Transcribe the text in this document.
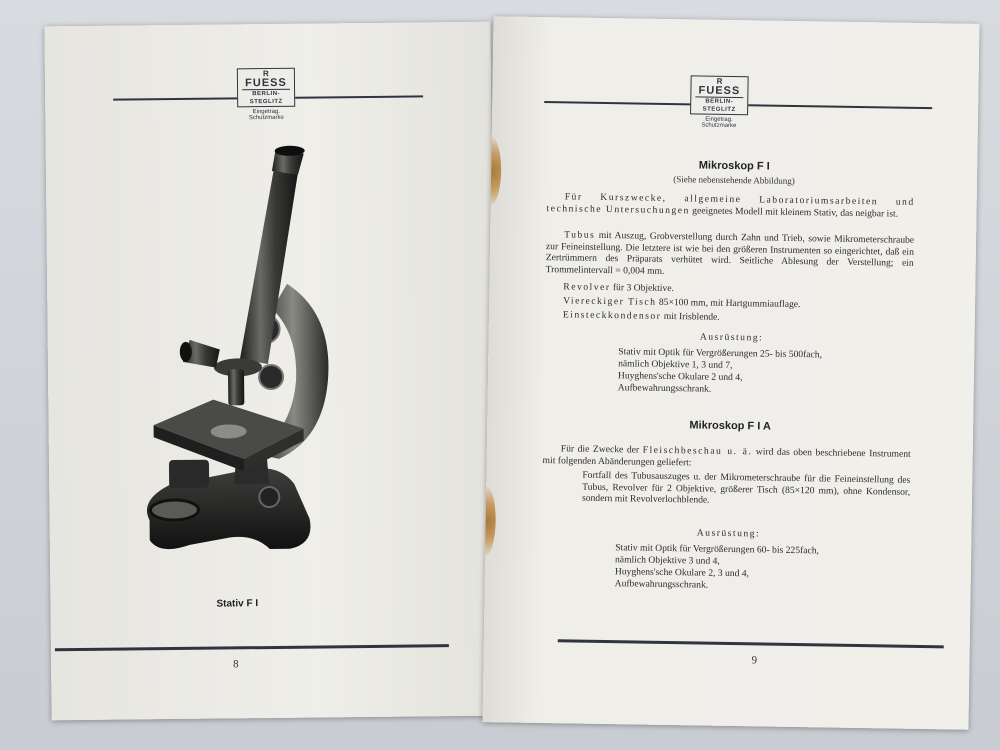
R
FUESS
BERLIN-STEGLITZ
Eingetrag. Schutzmarke
Stativ F I
8
R
FUESS
BERLIN-STEGLITZ
Eingetrag. Schutzmarke
Mikroskop F I
(Siehe nebenstehende Abbildung)
Für Kurszwecke, allgemeine Laboratoriumsarbeiten und technische Untersuchungen geeignetes Modell mit kleinem Stativ, das neigbar ist.
Tubus mit Auszug, Grobverstellung durch Zahn und Trieb, sowie Mikrometerschraube zur Feineinstellung. Die letztere ist wie bei den größeren Instrumenten so eingerichtet, daß ein Zertrümmern des Präparats verhütet wird. Seitliche Ablesung der Verstellung; ein Trommelintervall = 0,004 mm.
Revolver für 3 Objektive.
Viereckiger Tisch 85×100 mm, mit Hartgummiauflage.
Einsteckkondensor mit Irisblende.
Ausrüstung:
Stativ mit Optik für Vergrößerungen 25- bis 500fach,
nämlich Objektive 1, 3 und 7,
Huyghens'sche Okulare 2 und 4,
Aufbewahrungsschrank.
Mikroskop F I A
Für die Zwecke der Fleischbeschau u. ä. wird das oben beschriebene Instrument mit folgenden Abänderungen geliefert:
Fortfall des Tubusauszuges u. der Mikrometerschraube für die Feineinstellung des Tubus, Revolver für 2 Objektive, größerer Tisch (85×120 mm), ohne Kondensor, sondern mit Revolverlochblende.
Ausrüstung:
Stativ mit Optik für Vergrößerungen 60- bis 225fach,
nämlich Objektive 3 und 4,
Huyghens'sche Okulare 2, 3 und 4,
Aufbewahrungsschrank.
9
